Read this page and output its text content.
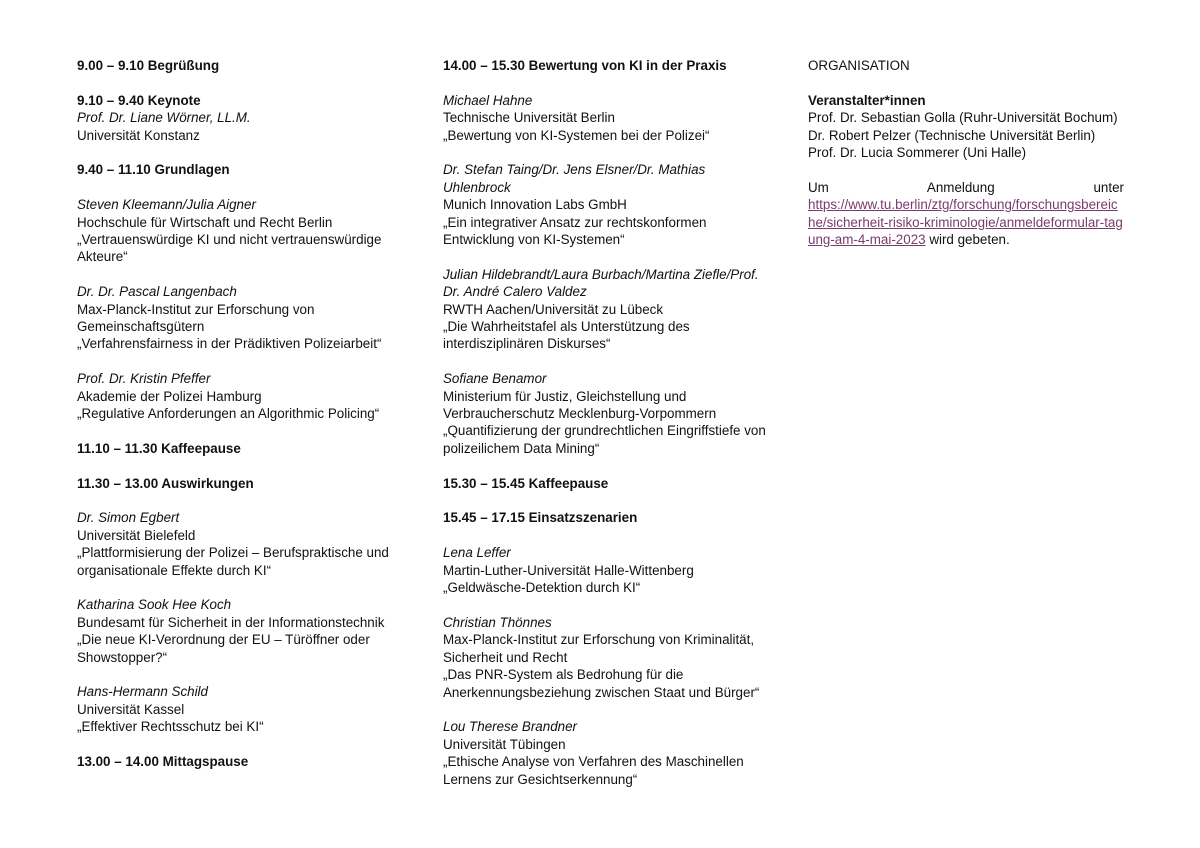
9.00 – 9.10 Begrüßung

9.10 – 9.40 Keynote

Prof. Dr. Liane Wörner, LL.M.

Universität Konstanz

9.40 – 11.10 Grundlagen

Steven Kleemann/Julia Aigner

Hochschule für Wirtschaft und Recht Berlin

„Vertrauenswürdige KI und nicht vertrauenswürdige Akteure“

Dr. Dr. Pascal Langenbach

Max-Planck-Institut zur Erforschung von Gemeinschaftsgütern

„Verfahrensfairness in der Prädiktiven Polizeiarbeit“

Prof. Dr. Kristin Pfeffer

Akademie der Polizei Hamburg

„Regulative Anforderungen an Algorithmic Policing“

11.10 – 11.30 Kaffeepause

11.30 – 13.00 Auswirkungen

Dr. Simon Egbert

Universität Bielefeld

„Plattformisierung der Polizei – Berufspraktische und organisationale Effekte durch KI“

Katharina Sook Hee Koch

Bundesamt für Sicherheit in der Informationstechnik

„Die neue KI-Verordnung der EU – Türöffner oder Showstopper?“

Hans-Hermann Schild

Universität Kassel

„Effektiver Rechtsschutz bei KI“

13.00 – 14.00 Mittagspause

14.00 – 15.30 Bewertung von KI in der Praxis

Michael Hahne

Technische Universität Berlin

„Bewertung von KI-Systemen bei der Polizei“

Dr. Stefan Taing/Dr. Jens Elsner/Dr. Mathias Uhlenbrock

Munich Innovation Labs GmbH

„Ein integrativer Ansatz zur rechtskonformen Entwicklung von KI-Systemen“

Julian Hildebrandt/Laura Burbach/Martina Ziefle/Prof. Dr. André Calero Valdez

RWTH Aachen/Universität zu Lübeck

„Die Wahrheitstafel als Unterstützung des interdisziplinären Diskurses“

Sofiane Benamor

Ministerium für Justiz, Gleichstellung und Verbraucherschutz Mecklenburg-Vorpommern

„Quantifizierung der grundrechtlichen Eingriffstiefe von polizeilichem Data Mining“

15.30 – 15.45 Kaffeepause

15.45 – 17.15 Einsatzszenarien

Lena Leffer

Martin-Luther-Universität Halle-Wittenberg

„Geldwäsche-Detektion durch KI“

Christian Thönnes

Max-Planck-Institut zur Erforschung von Kriminalität, Sicherheit und Recht

„Das PNR-System als Bedrohung für die Anerkennungsbeziehung zwischen Staat und Bürger“

Lou Therese Brandner

Universität Tübingen

„Ethische Analyse von Verfahren des Maschinellen Lernens zur Gesichtserkennung“

ORGANISATION

Veranstalter*innen

Prof. Dr. Sebastian Golla (Ruhr-Universität Bochum)

Dr. Robert Pelzer (Technische Universität Berlin)

Prof. Dr. Lucia Sommerer (Uni Halle)

Um Anmeldung unter

https://www.tu.berlin/ztg/forschung/forschungsbereiche/sicherheit-risiko-kriminologie/anmeldeformular-tagung-am-4-mai-2023 wird gebeten.
